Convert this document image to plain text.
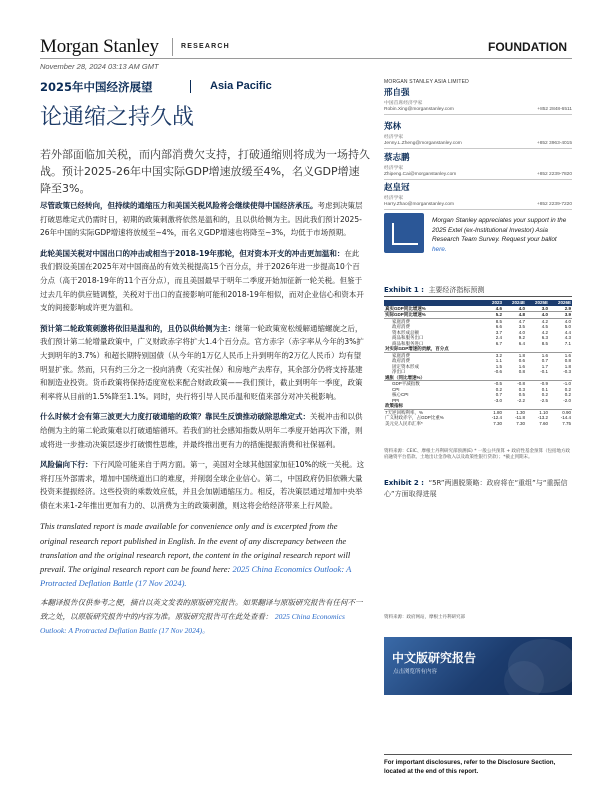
Morgan Stanley	RESEARCH	FOUNDATION
November 28, 2024 03:13 AM GMT
2025年中国经济展望	Asia Pacific
论通缩之持久战
若外部面临加关税，而内部消费欠支持，打破通缩则将成为一场持久战。预计2025-26年中国实际GDP增速放缓至4%，名义GDP增速降至3%。

尽管政策已经转向，但持续的通缩压力和美国关税风险将会继续使得中国经济承压。考虑到决策层打破思维定式仍需时日，初期的政策刺激将依然是温和的，且以供给侧为主。因此我们预计2025-26年中国的实际GDP增速将放缓至~4%，而名义GDP增速也将降至~3%，均低于市场预期。

此轮美国关税对中国出口的冲击或相当于2018-19年那轮，但对资本开支的冲击更加温和：在此我们假设美国在2025年对中国商品的有效关税提高15个百分点，并于2026年进一步提高10个百分点（高于2018-19年的11个百分点），而且美国最早于明年二季度开始加征新一轮关税。但鉴于过去几年的供应链调整，关税对于出口的直接影响可能和2018-19年相似，而对企业信心和资本开支的间接影响或许更为温和。

预计第二轮政策刺激将依旧是温和的，且仍以供给侧为主：继第一轮政策宽松缓解通缩螺旋之后，我们预计第二轮增量政策中，广义财政赤字将扩大1.4个百分点。官方赤字（赤字率从今年的3%扩大到明年的3.7%）和超长期特别国债（从今年的1万亿人民币上升到明年的2万亿人民币）均有望明显扩张。然而，只有约三分之一投向消费（充实社保）和房地产去库存，其余部分仍将支持基建和制造业投资。货币政策将保持适度宽松来配合财政政策——我们预计，截止到明年一季度，政策利率将从目前的1.5%降至1.1%。同时，央行将引导人民币温和贬值来部分对冲关税影响。

什么时候才会有第三波更大力度打破通缩的政策？靠民生反馈推动破除思维定式：关税冲击和以供给侧为主的第二轮政策难以打破通缩循环。若我们的社会感知指数从明年二季度开始再次下滑，则或将进一步推动决策层逐步打破惯性思维，并最终推出更有力的措施提振消费和社保福利。

风险偏向下行：下行风险可能来自于两方面。第一，美国对全球其他国家加征10%的统一关税。这将打压外部需求，增加中国绕道出口的难度，并削弱全球企业信心。第二，中国政府仍旧依赖大量投资来提振经济。这些投资的乘数效应低，并且会加剧通缩压力。相反，若决策层通过增加中央举债在未来1-2年推出更加有力的、以消费为主的政策刺激，则这将会给经济带来上行风险。

This translated report is made available for convenience only and is excerpted from the original research report published in English. In the event of any discrepancy between the translation and the original research report, the content in the original research report will prevail. The original research report can be found here: 2025 China Economics Outlook: A Protracted Deflation Battle (17 Nov 2024).
本翻译报告仅供参考之便，摘自以英文发表的原版研究报告。如果翻译与原版研究报告有任何不一致之处，以原版研究报告中的内容为准。原版研究报告可在此处查看： 2025 China Economics Outlook: A Protracted Deflation Battle (17 Nov 2024)。
MORGAN STANLEY ASIA LIMITED
邢自强
中国首席经济学家
Robin.Xing@morganstanley.com	+852 2848-6511
郑林
经济学家
Jenny.L.Zheng@morganstanley.com	+852 3963-4015
蔡志鹏
经济学家
Zhipeng.Cai@morganstanley.com	+852 2239-7820
赵皇冠
经济学家
Harry.Zhao@morganstanley.com	+852 2239-7220
Morgan Stanley appreciates your support in the 2025 Extel (ex-Institutional Investor) Asia Research Team Survey. Request your ballot here.
Exhibit 1 : 主要经济指标预测
	2023	2024E	2025E	2026E
真实GDP同比增速%	4.6	4.0	3.0	2.9
实际GDP同比增速%	5.2	4.8	4.0	3.9
家庭消费	8.5	4.7	4.2	4.0
政府消费	6.6	3.5	4.5	5.0
资本形成总额	3.7	4.0	4.2	4.4
商品和服务出口	2.4	9.2	6.3	4.3
商品和服务进口	6.7	6.4	8.5	7.1
对实际GDP增速的贡献，百分点				
家庭消费	3.2	1.8	1.6	1.6
政府消费	1.1	0.6	0.7	0.8
固定资本形成	1.5	1.6	1.7	1.8
净出口	-0.6	0.8	-0.1	-0.3
通胀（同比增速%）				
GDP平减指数	-0.5	-0.8	-0.9	-1.0
CPI	0.2	0.3	0.1	0.2
核心CPI	0.7	0.5	0.2	0.2
PPI	-3.0	-2.2	-2.5	-2.0
政策指标				
7天逆回购利率，%	1.80	1.30	1.10	0.90
广义财政赤字，占GDP比重%	-12.4	-11.8	-13.2	-14.4
美元兑人民币汇率*	7.30	7.30	7.60	7.75
资料来源：CEIC、摩根士丹利研究部预测(E) * 一般公共预算 + 政府性基金预算（包括地方政府融资平台借款、土地出让金净收入以及政策性银行贷款）；*截止到期末。
Exhibit 2 : “5R”两遇脱策略：政府将在“重组”与“重振信心”方面取得进展
资料来源：政府网站，摩根士丹利研究部
中文版研究报告
点击浏览所有内容
For important disclosures, refer to the Disclosure Section, located at the end of this report.
